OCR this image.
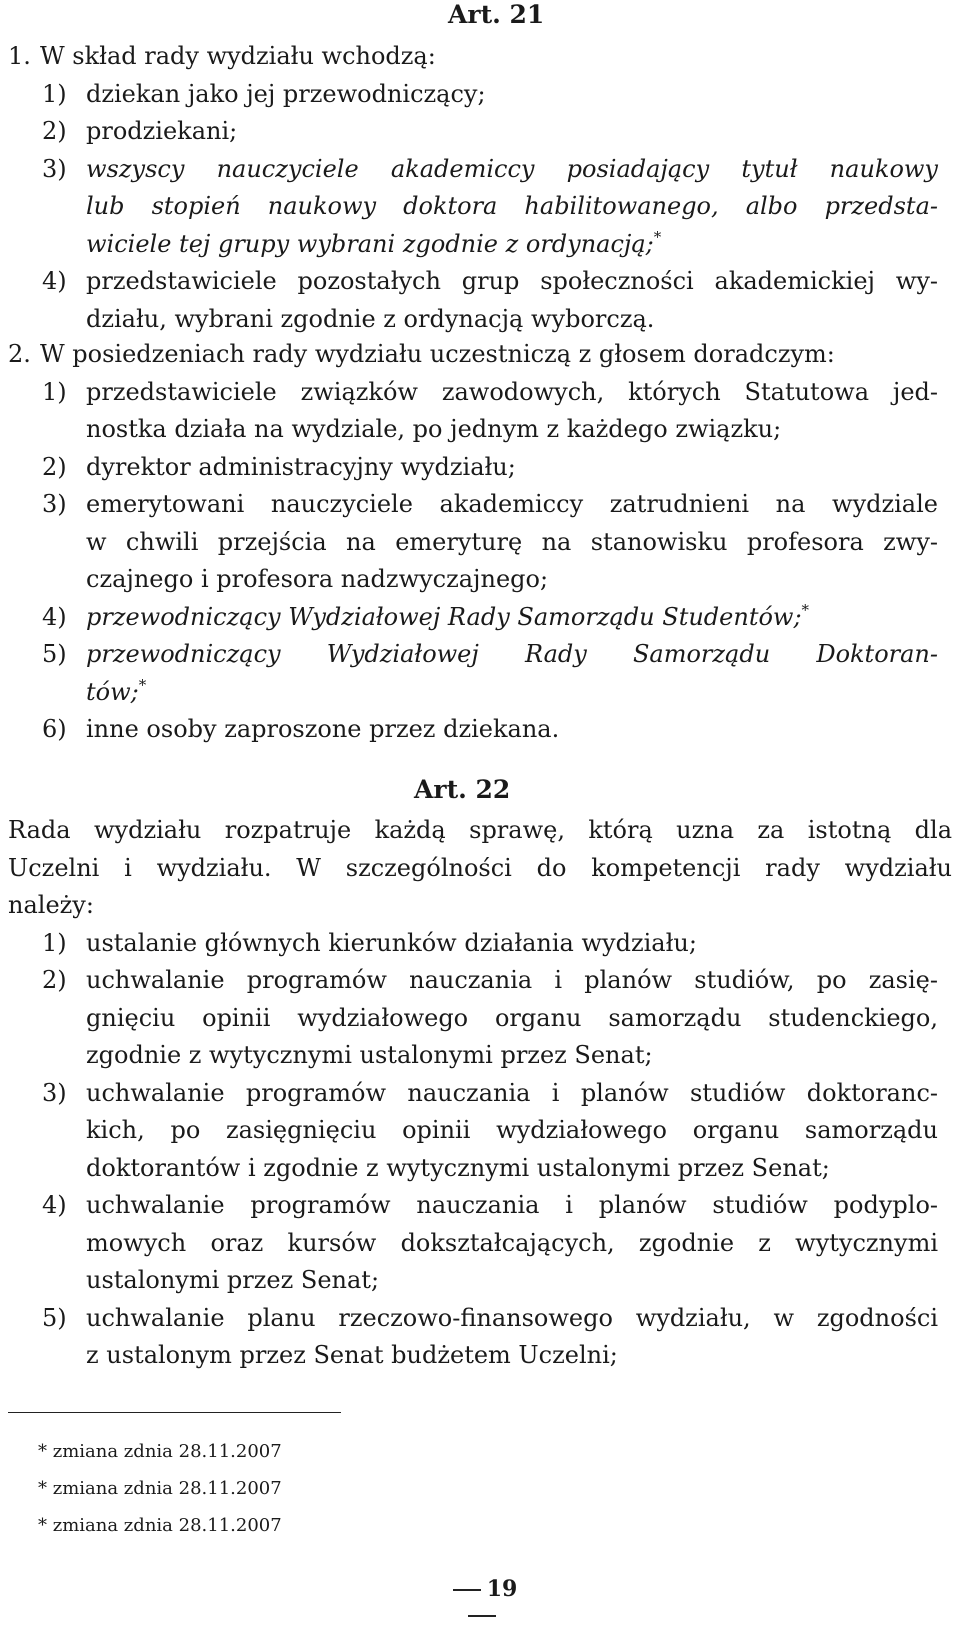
Art. 21
1. W skład rady wydziału wchodzą:
1) dziekan jako jej przewodniczący;
2) prodziekani;
3) wszyscy nauczyciele akademiccy posiadający tytuł naukowy
lub stopień naukowy doktora habilitowanego, albo przedsta-
wiciele tej grupy wybrani zgodnie z ordynacją;*
4) przedstawiciele pozostałych grup społeczności akademickiej wy-
działu, wybrani zgodnie z ordynacją wyborczą.
2. W posiedzeniach rady wydziału uczestniczą z głosem doradczym:
1) przedstawiciele związków zawodowych, których Statutowa jed-
nostka działa na wydziale, po jednym z każdego związku;
2) dyrektor administracyjny wydziału;
3) emerytowani nauczyciele akademiccy zatrudnieni na wydziale
w chwili przejścia na emeryturę na stanowisku profesora zwy-
czajnego i profesora nadzwyczajnego;
4) przewodniczący Wydziałowej Rady Samorządu Studentów;*
5) przewodniczący Wydziałowej Rady Samorządu Doktoran-
tów;*
6) inne osoby zaproszone przez dziekana.
Art. 22
Rada wydziału rozpatruje każdą sprawę, którą uzna za istotną dla
Uczelni i wydziału. W szczególności do kompetencji rady wydziału
należy:
1) ustalanie głównych kierunków działania wydziału;
2) uchwalanie programów nauczania i planów studiów, po zasię-
gnięciu opinii wydziałowego organu samorządu studenckiego,
zgodnie z wytycznymi ustalonymi przez Senat;
3) uchwalanie programów nauczania i planów studiów doktoranc-
kich, po zasięgnięciu opinii wydziałowego organu samorządu
doktorantów i zgodnie z wytycznymi ustalonymi przez Senat;
4) uchwalanie programów nauczania i planów studiów podyplo-
mowych oraz kursów dokształcających, zgodnie z wytycznymi
ustalonymi przez Senat;
5) uchwalanie planu rzeczowo-finansowego wydziału, w zgodności
z ustalonym przez Senat budżetem Uczelni;
* zmiana zdnia 28.11.2007
* zmiana zdnia 28.11.2007
* zmiana zdnia 28.11.2007
19
